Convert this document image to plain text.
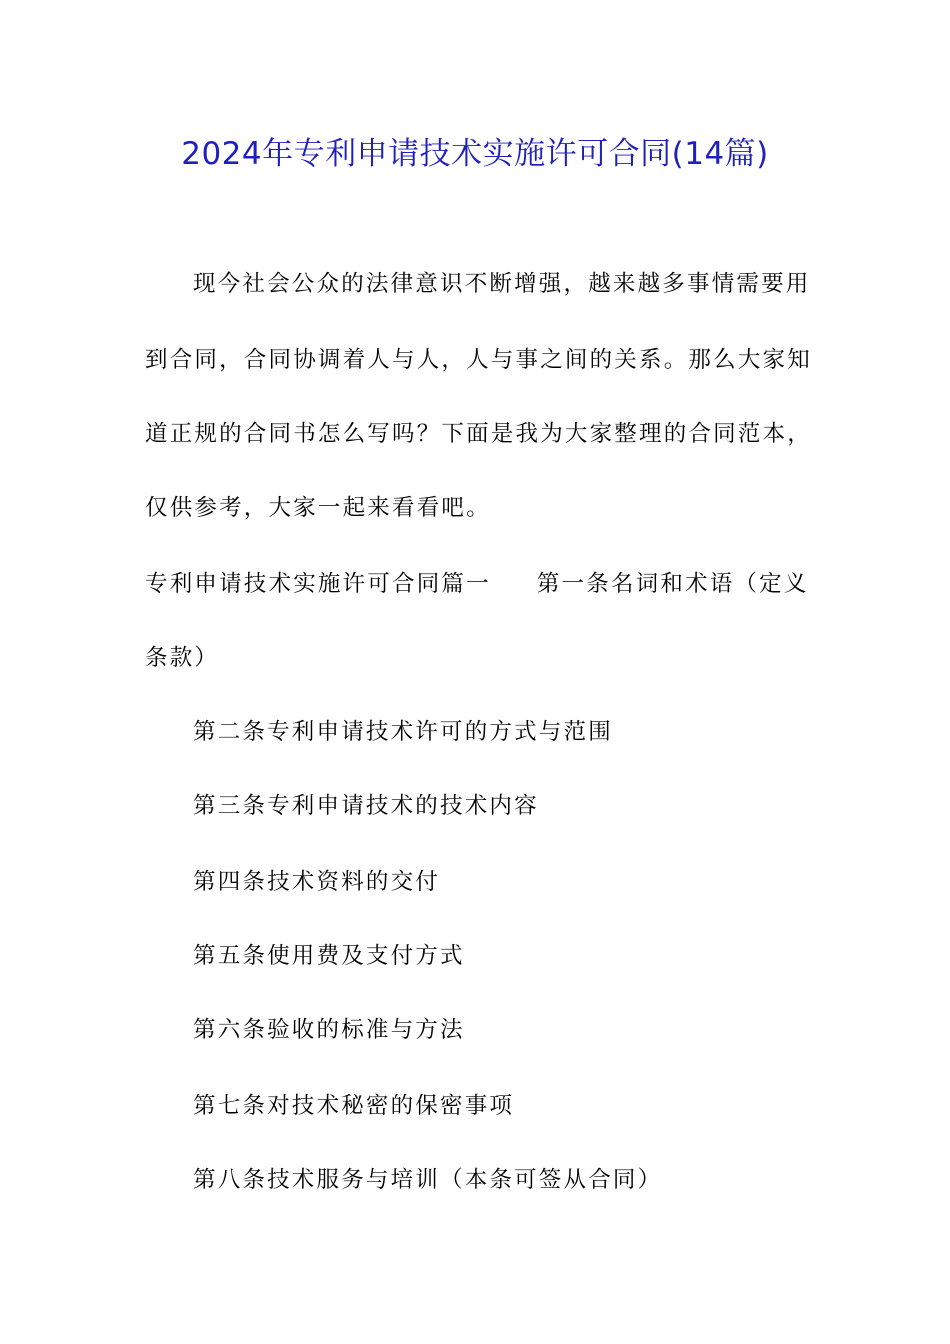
2024年专利申请技术实施许可合同(14篇)
现今社会公众的法律意识不断增强，越来越多事情需要用
到合同，合同协调着人与人，人与事之间的关系。那么大家知
道正规的合同书怎么写吗？下面是我为大家整理的合同范本，
仅供参考，大家一起来看看吧。
专利申请技术实施许可合同篇一 第一条名词和术语（定义
条款）
第二条专利申请技术许可的方式与范围
第三条专利申请技术的技术内容
第四条技术资料的交付
第五条使用费及支付方式
第六条验收的标准与方法
第七条对技术秘密的保密事项
第八条技术服务与培训（本条可签从合同）
